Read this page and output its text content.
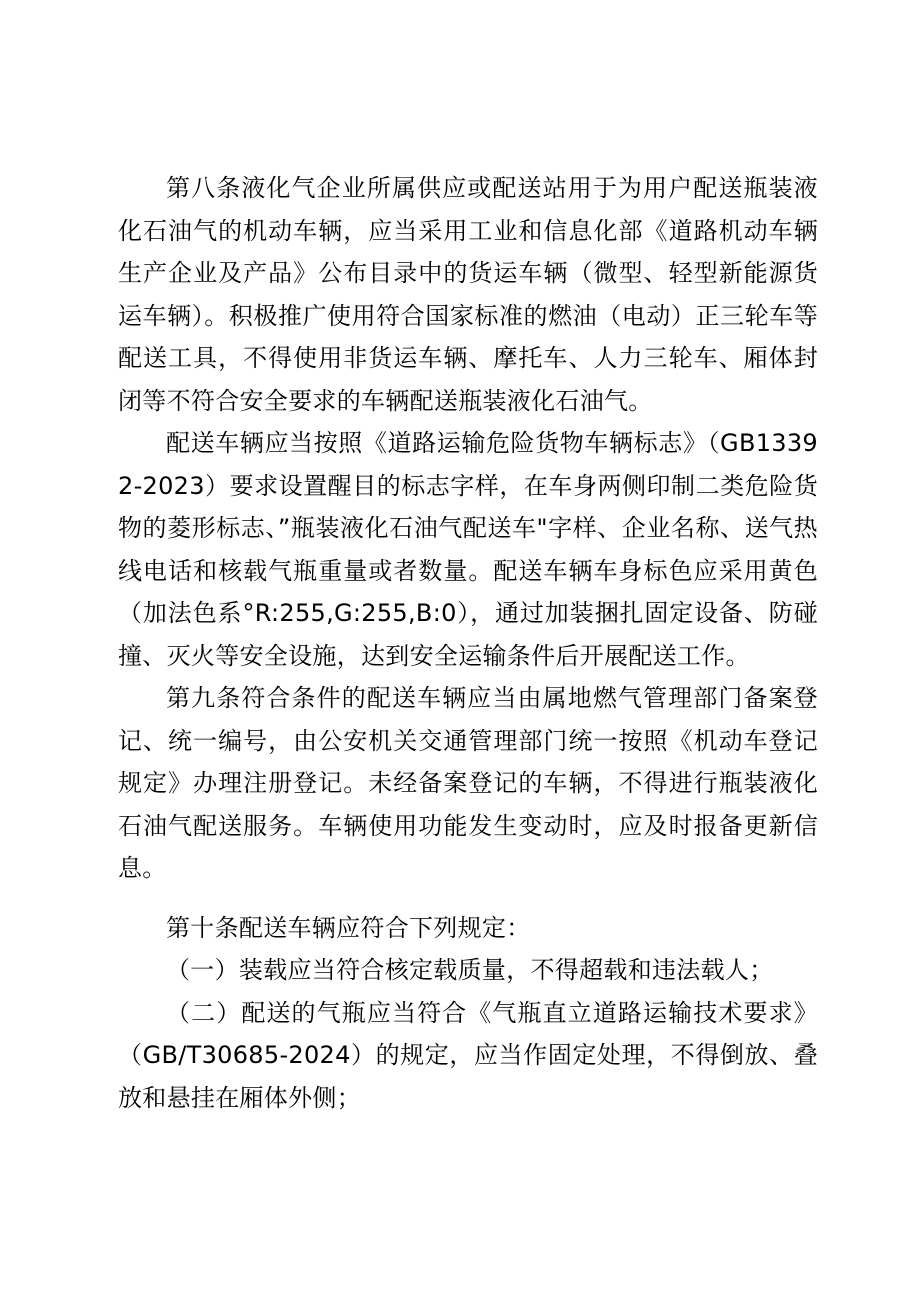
第八条液化气企业所属供应或配送站用于为用户配送瓶装液化石油气的机动车辆，应当采用工业和信息化部《道路机动车辆生产企业及产品》公布目录中的货运车辆（微型、轻型新能源货运车辆）。积极推广使用符合国家标准的燃油（电动）正三轮车等配送工具，不得使用非货运车辆、摩托车、人力三轮车、厢体封闭等不符合安全要求的车辆配送瓶装液化石油气。

配送车辆应当按照《道路运输危险货物车辆标志》（GB13392-2023）要求设置醒目的标志字样，在车身两侧印制二类危险货物的菱形标志、”瓶装液化石油气配送车"字样、企业名称、送气热线电话和核载气瓶重量或者数量。配送车辆车身标色应采用黄色（加法色系°R:255,G:255,B:0），通过加装捆扎固定设备、防碰撞、灭火等安全设施，达到安全运输条件后开展配送工作。

第九条符合条件的配送车辆应当由属地燃气管理部门备案登记、统一编号，由公安机关交通管理部门统一按照《机动车登记规定》办理注册登记。未经备案登记的车辆，不得进行瓶装液化石油气配送服务。车辆使用功能发生变动时，应及时报备更新信息。

第十条配送车辆应符合下列规定：

（一）装载应当符合核定载质量，不得超载和违法载人；

（二）配送的气瓶应当符合《气瓶直立道路运输技术要求》（GB/T30685-2024）的规定，应当作固定处理，不得倒放、叠放和悬挂在厢体外侧；
